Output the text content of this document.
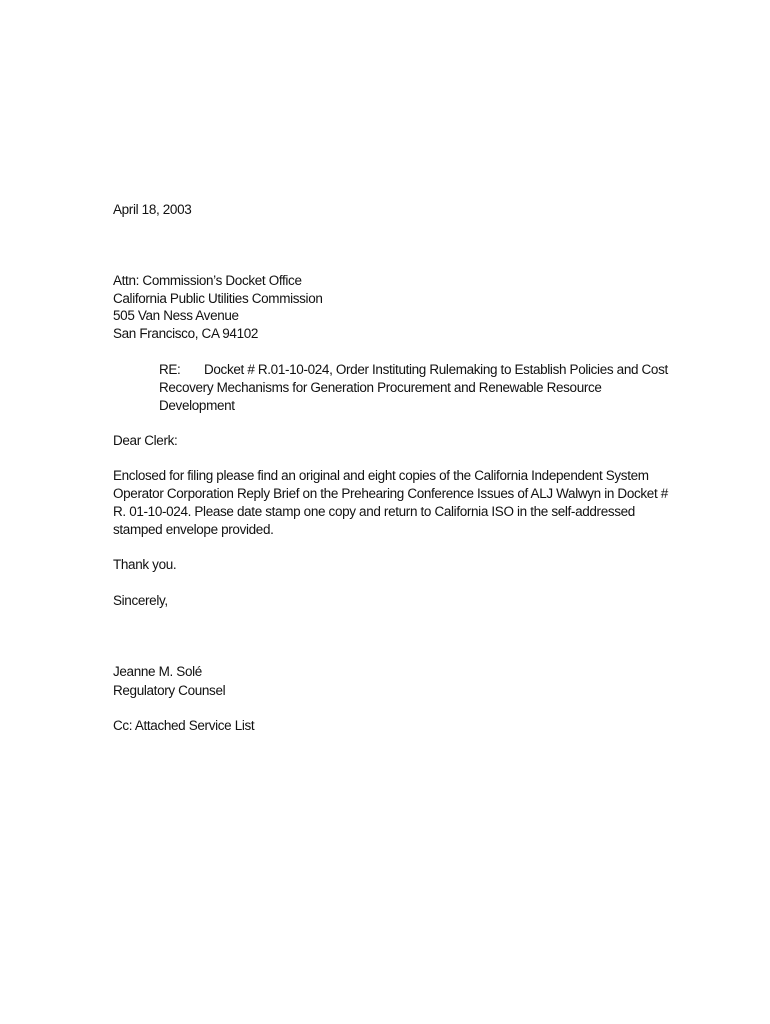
April 18, 2003
Attn: Commission’s Docket Office
California Public Utilities Commission
505 Van Ness Avenue
San Francisco, CA 94102
RE: Docket # R.01-10-024, Order Instituting Rulemaking to Establish Policies and Cost
Recovery Mechanisms for Generation Procurement and Renewable Resource
Development
Dear Clerk:
Enclosed for filing please find an original and eight copies of the California Independent System
Operator Corporation Reply Brief on the Prehearing Conference Issues of ALJ Walwyn in Docket #
R. 01-10-024. Please date stamp one copy and return to California ISO in the self-addressed
stamped envelope provided.
Thank you.
Sincerely,
Jeanne M. Solé
Regulatory Counsel
Cc: Attached Service List
